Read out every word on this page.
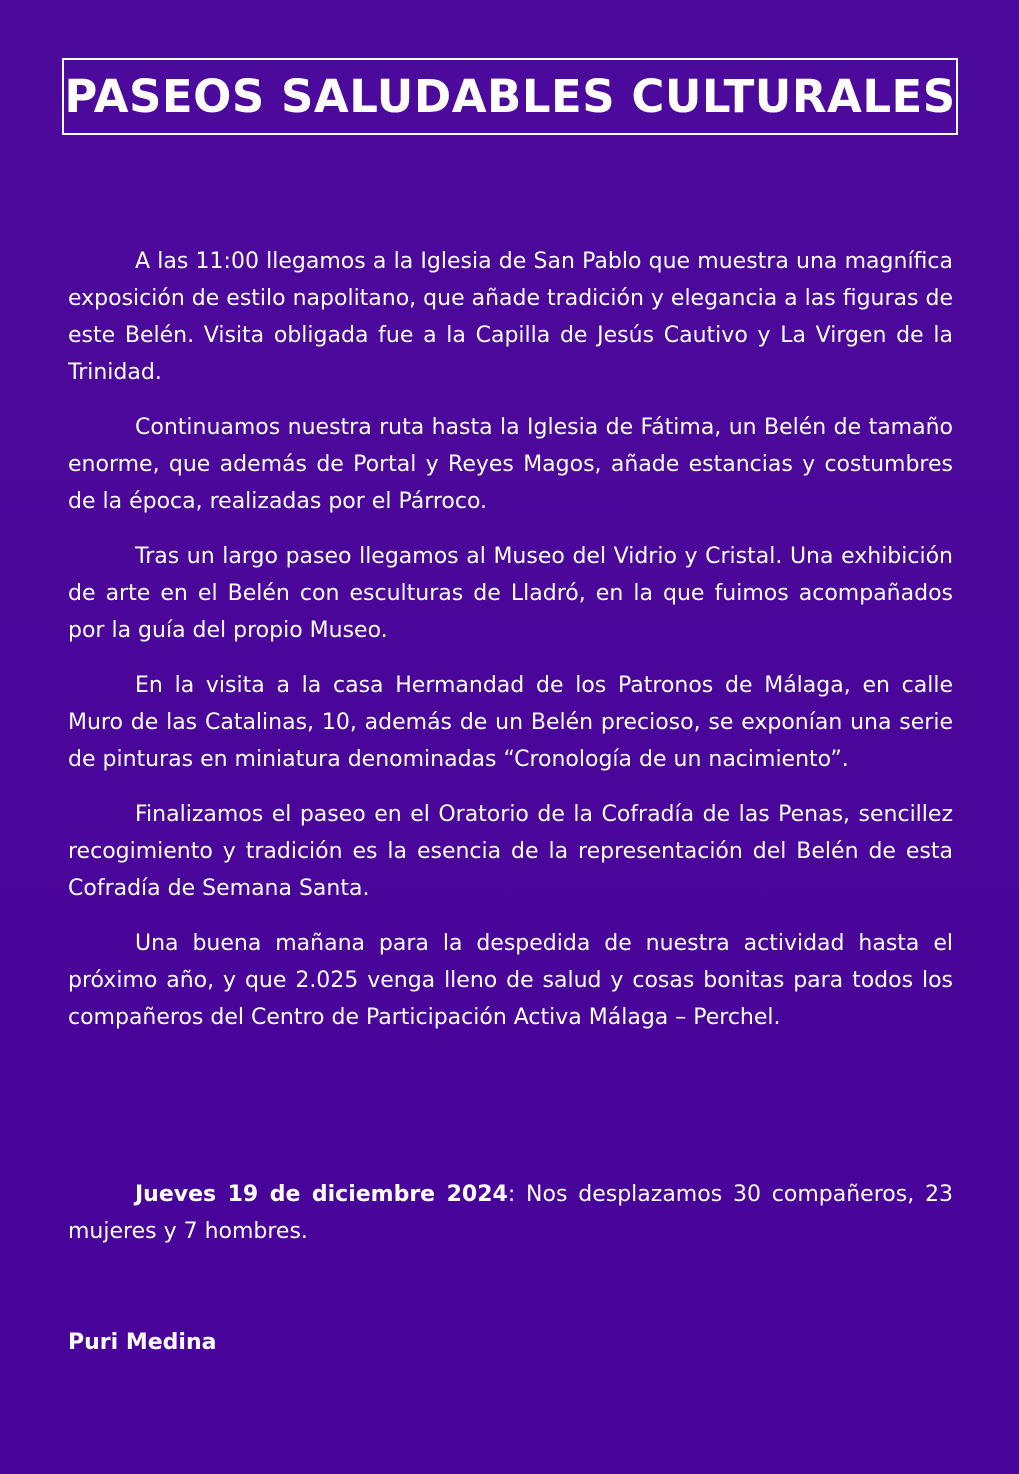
PASEOS SALUDABLES CULTURALES

A las 11:00 llegamos a la Iglesia de San Pablo que muestra una magnífica exposición de estilo napolitano, que añade tradición y elegancia a las figuras de este Belén. Visita obligada fue a la Capilla de Jesús Cautivo y La Virgen de la Trinidad.

Continuamos nuestra ruta hasta la Iglesia de Fátima, un Belén de tamaño enorme, que además de Portal y Reyes Magos, añade estancias y costumbres de la época, realizadas por el Párroco.

Tras un largo paseo llegamos al Museo del Vidrio y Cristal. Una exhibición de arte en el Belén con esculturas de Lladró, en la que fuimos acompañados por la guía del propio Museo.

En la visita a la casa Hermandad de los Patronos de Málaga, en calle Muro de las Catalinas, 10, además de un Belén precioso, se exponían una serie de pinturas en miniatura denominadas “Cronología de un nacimiento”.

Finalizamos el paseo en el Oratorio de la Cofradía de las Penas, sencillez recogimiento y tradición es la esencia de la representación del Belén de esta Cofradía de Semana Santa.

Una buena mañana para la despedida de nuestra actividad hasta el próximo año, y que 2.025 venga lleno de salud y cosas bonitas para todos los compañeros del Centro de Participación Activa Málaga – Perchel.

Jueves 19 de diciembre 2024: Nos desplazamos 30 compañeros, 23 mujeres y 7 hombres.

Puri Medina
